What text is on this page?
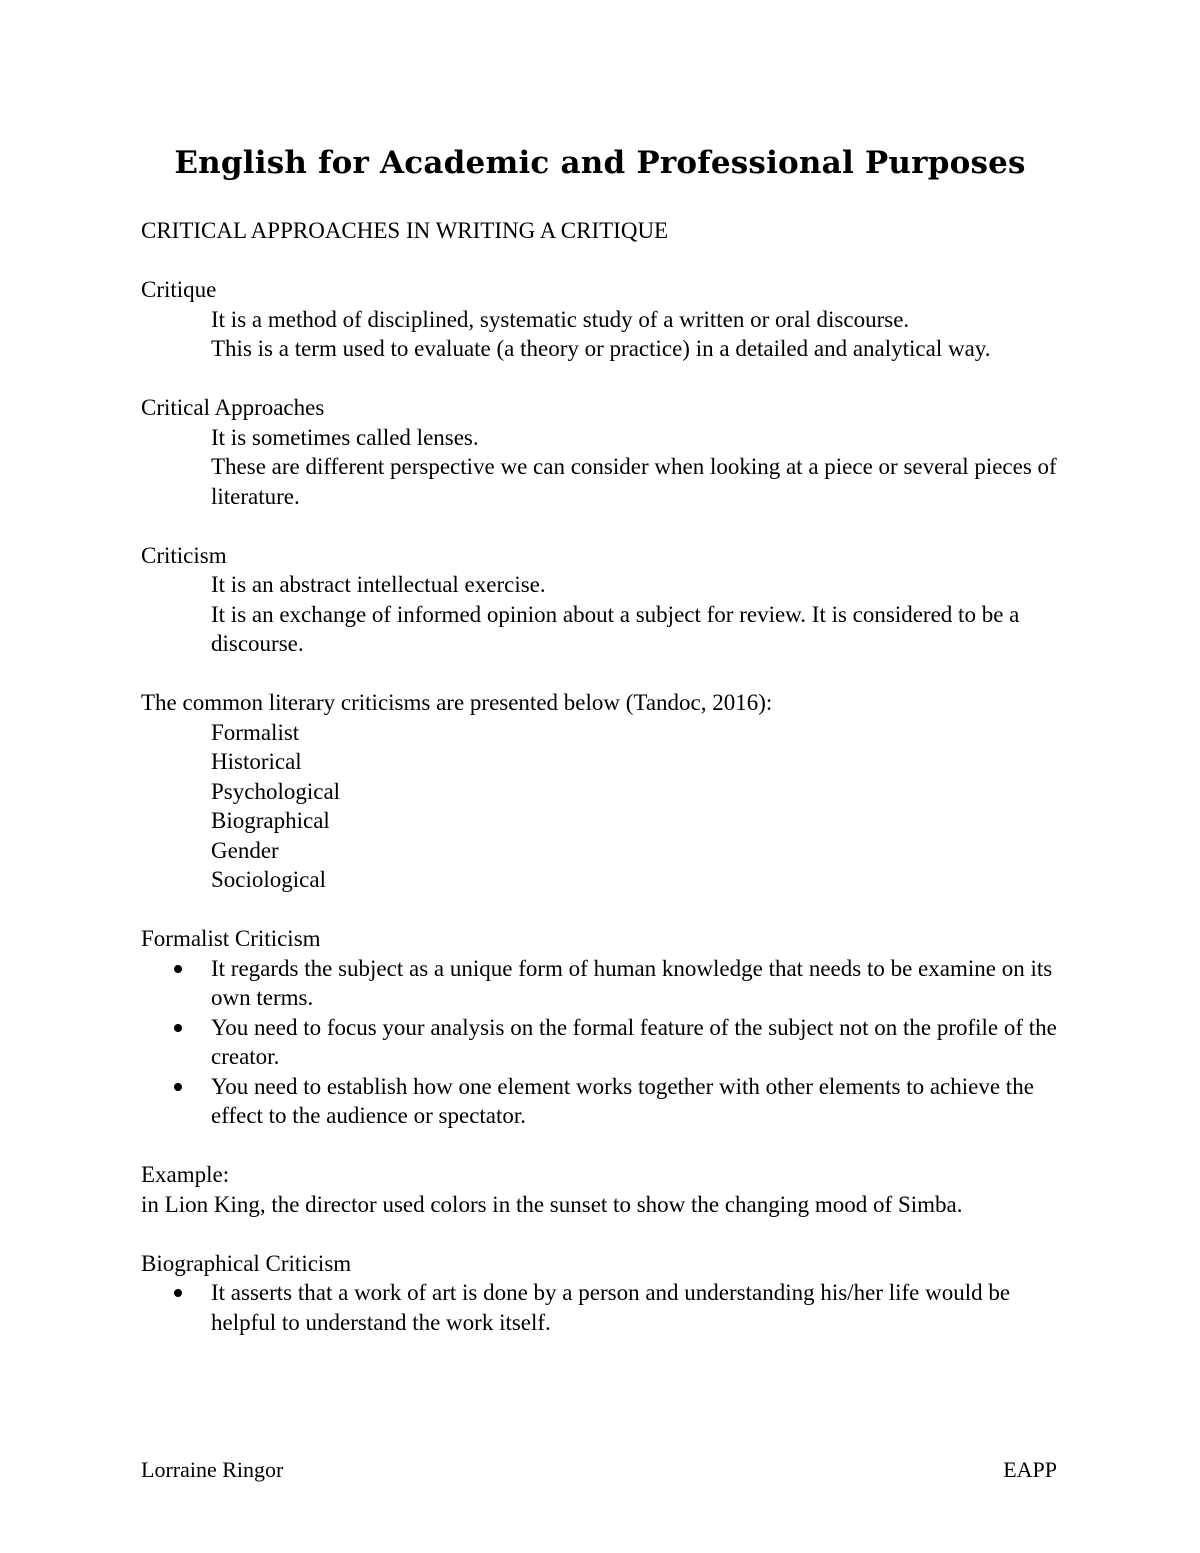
English for Academic and Professional Purposes
CRITICAL APPROACHES IN WRITING A CRITIQUE
Critique
It is a method of disciplined, systematic study of a written or oral discourse.
This is a term used to evaluate (a theory or practice) in a detailed and analytical way.
Critical Approaches
It is sometimes called lenses.
These are different perspective we can consider when looking at a piece or several pieces of literature.
Criticism
It is an abstract intellectual exercise.
It is an exchange of informed opinion about a subject for review. It is considered to be a discourse.
The common literary criticisms are presented below (Tandoc, 2016):
Formalist
Historical
Psychological
Biographical
Gender
Sociological
Formalist Criticism
It regards the subject as a unique form of human knowledge that needs to be examine on its own terms.
You need to focus your analysis on the formal feature of the subject not on the profile of the creator.
You need to establish how one element works together with other elements to achieve the effect to the audience or spectator.
Example:
in Lion King, the director used colors in the sunset to show the changing mood of Simba.
Biographical Criticism
It asserts that a work of art is done by a person and understanding his/her life would be helpful to understand the work itself.
Lorraine Ringor	EAPP
